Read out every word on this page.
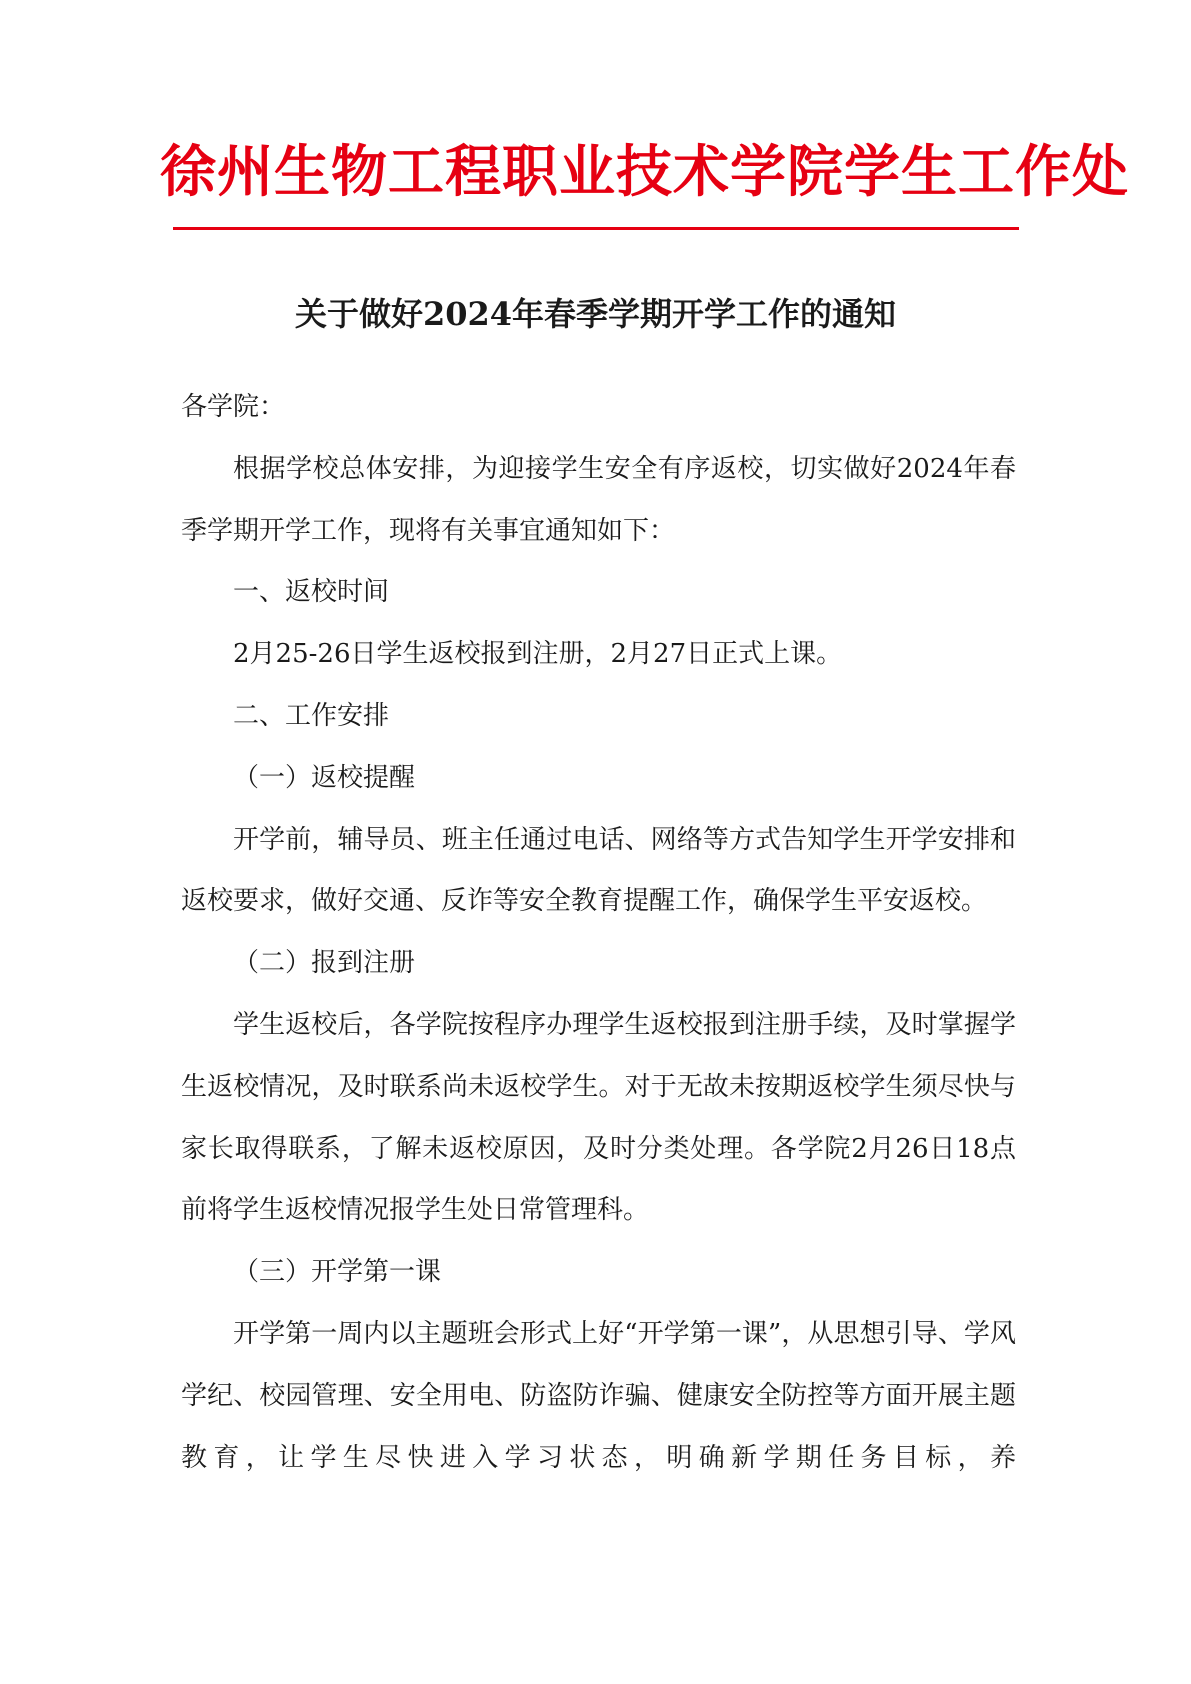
徐州生物工程职业技术学院学生工作处
关于做好2024年春季学期开学工作的通知

各学院：

根据学校总体安排，为迎接学生安全有序返校，切实做好2024年春季学期开学工作，现将有关事宜通知如下：

一、返校时间

2月25-26日学生返校报到注册，2月27日正式上课。

二、工作安排

（一）返校提醒

开学前，辅导员、班主任通过电话、网络等方式告知学生开学安排和返校要求，做好交通、反诈等安全教育提醒工作，确保学生平安返校。

（二）报到注册

学生返校后，各学院按程序办理学生返校报到注册手续，及时掌握学生返校情况，及时联系尚未返校学生。对于无故未按期返校学生须尽快与家长取得联系，了解未返校原因，及时分类处理。各学院2月26日18点前将学生返校情况报学生处日常管理科。

（三）开学第一课

开学第一周内以主题班会形式上好“开学第一课”，从思想引导、学风学纪、校园管理、安全用电、防盗防诈骗、健康安全防控等方面开展主题教育，让学生尽快进入学习状态，明确新学期任务目标，养
